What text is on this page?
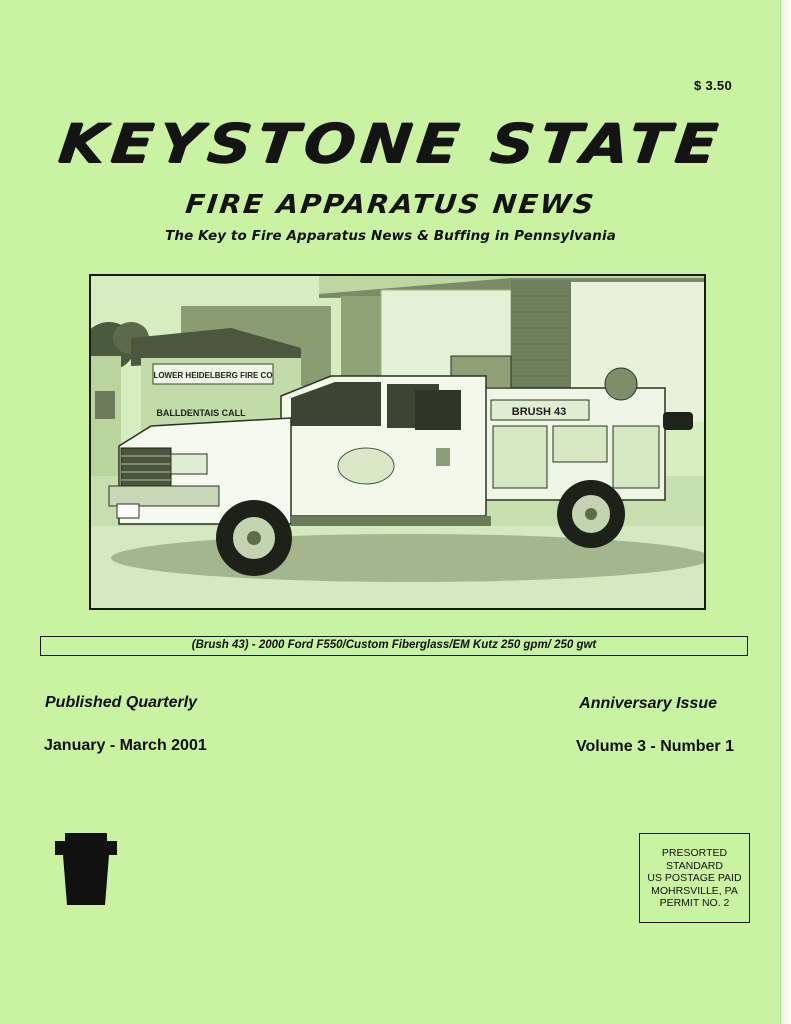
$ 3.50
KEYSTONE STATE
FIRE APPARATUS NEWS
The Key to Fire Apparatus News & Buffing in Pennsylvania
LOWER HEIDELBERG FIRE CO
BALLDENTAIS CALL	BRUSH 43
(Brush 43) - 2000 Ford F550/Custom Fiberglass/EM Kutz 250 gpm/ 250 gwt
Published Quarterly
January - March 2001
Anniversary Issue
Volume 3 - Number 1
PRESORTED
STANDARD
US POSTAGE PAID
MOHRSVILLE, PA
PERMIT NO. 2
